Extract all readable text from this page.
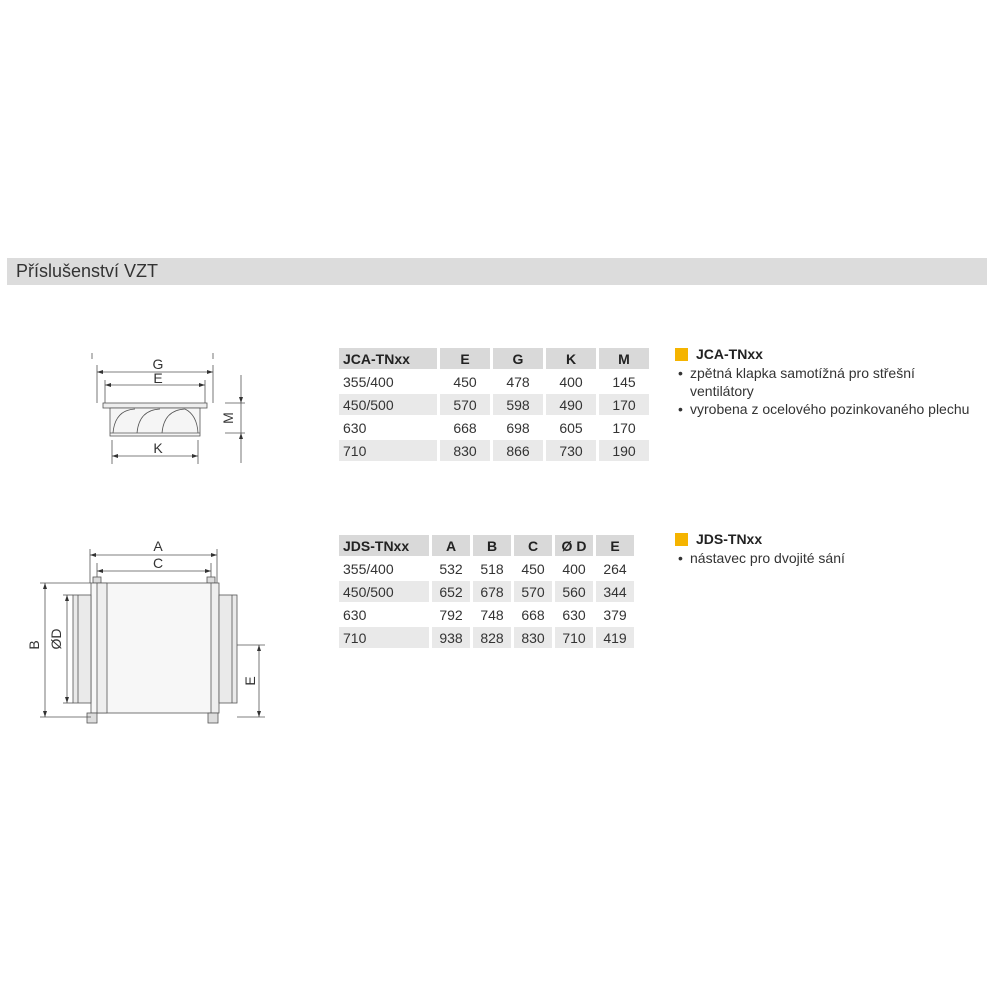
Příslušenství VZT
G
E
K
M
JCA-TNxx	E	G	K	M
355/400	450	478	400	145
450/500	570	598	490	170
630	668	698	605	170
710	830	866	730	190
JCA-TNxx
• zpětná klapka samotížná pro střešní ventilátory
• vyrobena z ocelového pozinkovaného plechu
A
C
B ØD
E
JDS-TNxx	A	B	C	Ø D	E
355/400	532	518	450	400	264
450/500	652	678	570	560	344
630	792	748	668	630	379
710	938	828	830	710	419
JDS-TNxx
• nástavec pro dvojité sání
